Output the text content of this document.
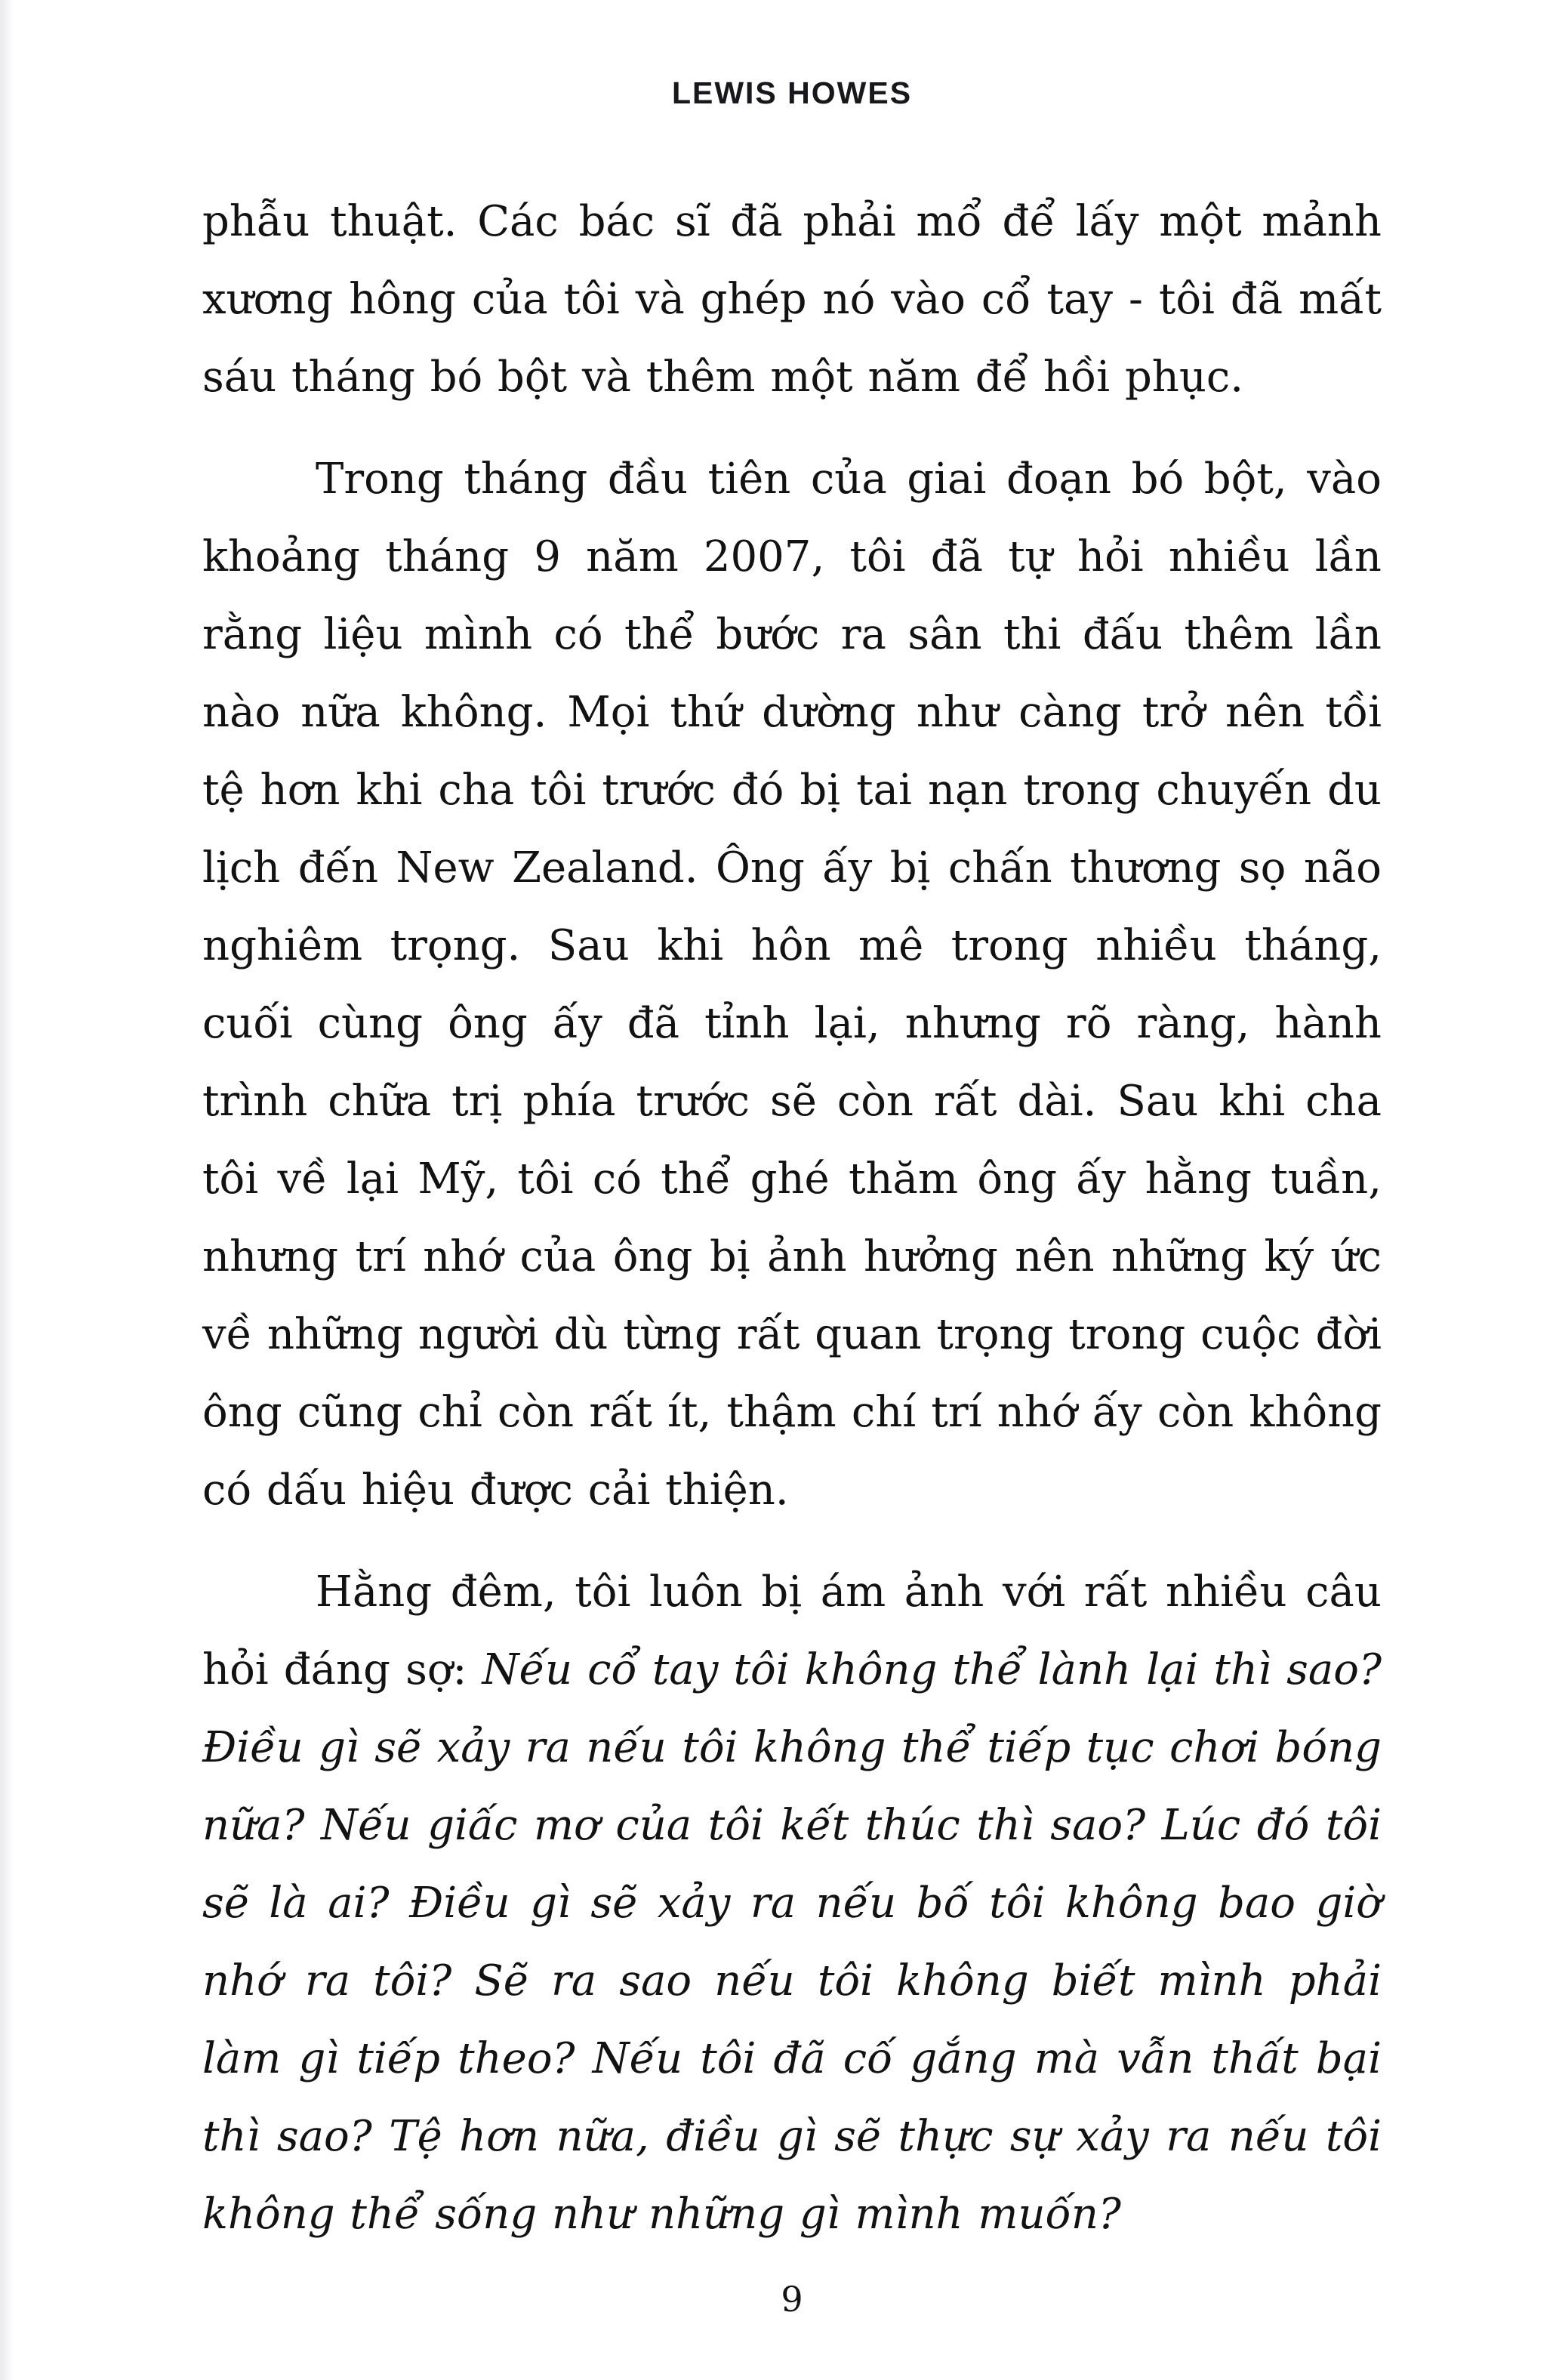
LEWIS HOWES

phẫu thuật. Các bác sĩ đã phải mổ để lấy một mảnh xương hông của tôi và ghép nó vào cổ tay - tôi đã mất sáu tháng bó bột và thêm một năm để hồi phục.

Trong tháng đầu tiên của giai đoạn bó bột, vào khoảng tháng 9 năm 2007, tôi đã tự hỏi nhiều lần rằng liệu mình có thể bước ra sân thi đấu thêm lần nào nữa không. Mọi thứ dường như càng trở nên tồi tệ hơn khi cha tôi trước đó bị tai nạn trong chuyến du lịch đến New Zealand. Ông ấy bị chấn thương sọ não nghiêm trọng. Sau khi hôn mê trong nhiều tháng, cuối cùng ông ấy đã tỉnh lại, nhưng rõ ràng, hành trình chữa trị phía trước sẽ còn rất dài. Sau khi cha tôi về lại Mỹ, tôi có thể ghé thăm ông ấy hằng tuần, nhưng trí nhớ của ông bị ảnh hưởng nên những ký ức về những người dù từng rất quan trọng trong cuộc đời ông cũng chỉ còn rất ít, thậm chí trí nhớ ấy còn không có dấu hiệu được cải thiện.

Hằng đêm, tôi luôn bị ám ảnh với rất nhiều câu hỏi đáng sợ: Nếu cổ tay tôi không thể lành lại thì sao? Điều gì sẽ xảy ra nếu tôi không thể tiếp tục chơi bóng nữa? Nếu giấc mơ của tôi kết thúc thì sao? Lúc đó tôi sẽ là ai? Điều gì sẽ xảy ra nếu bố tôi không bao giờ nhớ ra tôi? Sẽ ra sao nếu tôi không biết mình phải làm gì tiếp theo? Nếu tôi đã cố gắng mà vẫn thất bại thì sao? Tệ hơn nữa, điều gì sẽ thực sự xảy ra nếu tôi không thể sống như những gì mình muốn?

9
